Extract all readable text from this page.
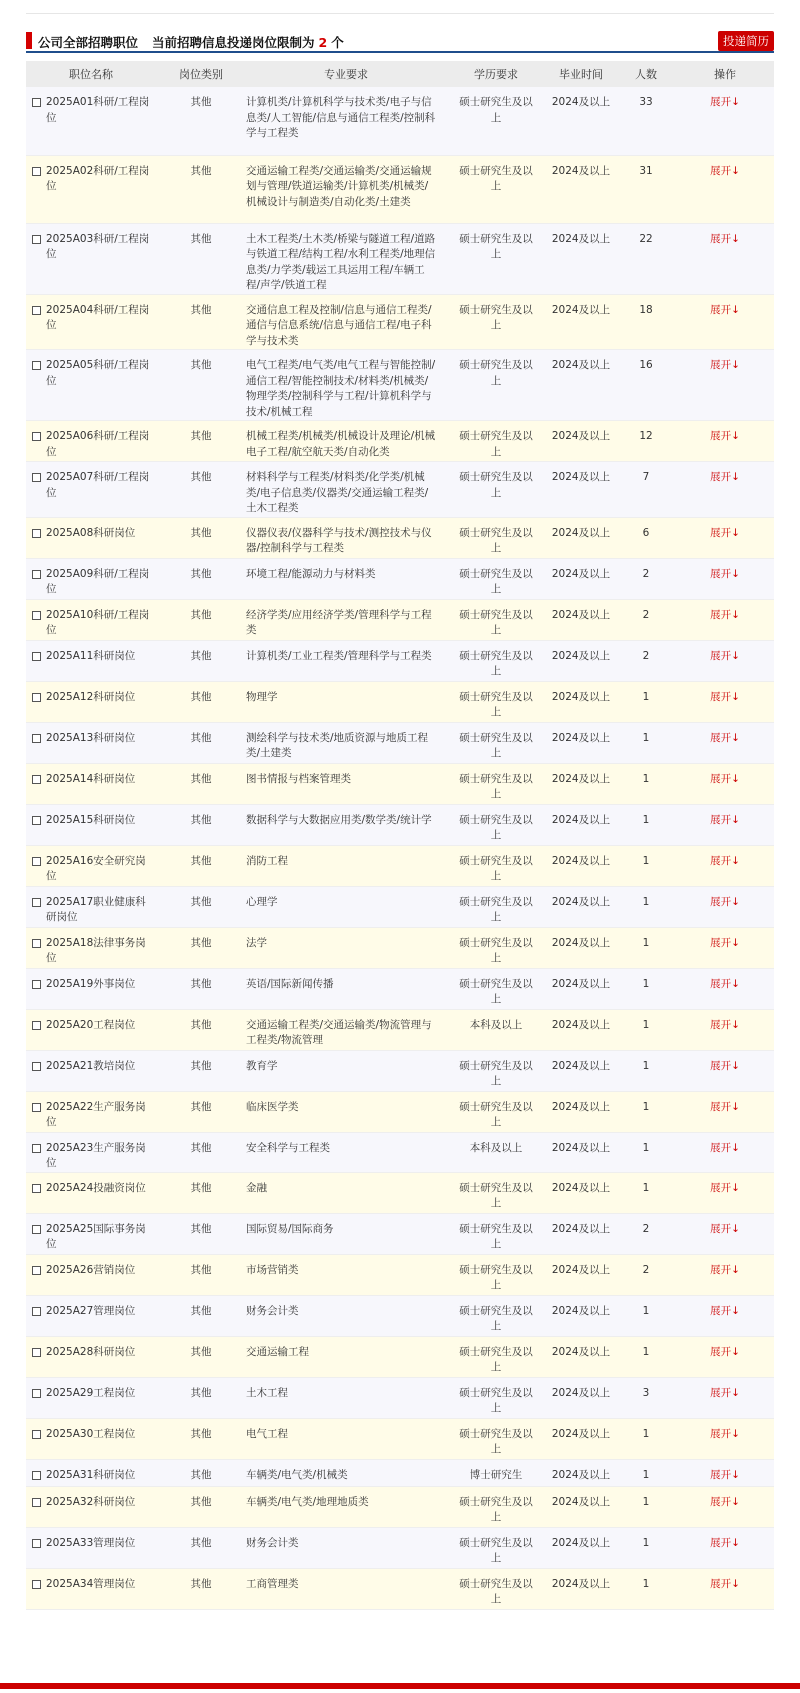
公司全部招聘职位 当前招聘信息投递岗位限制为 2 个	投递简历
职位名称	岗位类别	专业要求	学历要求	毕业时间	人数	操作

2025A01科研/工程岗位	其他	计算机类/计算机科学与技术类/电子与信息类/人工智能/信息与通信工程类/控制科学与工程类	硕士研究生及以上	2024及以上	33	展开↓

2025A02科研/工程岗位	其他	交通运输工程类/交通运输类/交通运输规划与管理/铁道运输类/计算机类/机械类/机械设计与制造类/自动化类/土建类	硕士研究生及以上	2024及以上	31	展开↓

2025A03科研/工程岗位	其他	土木工程类/土木类/桥梁与隧道工程/道路与铁道工程/结构工程/水利工程类/地理信息类/力学类/载运工具运用工程/车辆工程/声学/铁道工程	硕士研究生及以上	2024及以上	22	展开↓

2025A04科研/工程岗位	其他	交通信息工程及控制/信息与通信工程类/通信与信息系统/信息与通信工程/电子科学与技术类	硕士研究生及以上	2024及以上	18	展开↓

2025A05科研/工程岗位	其他	电气工程类/电气类/电气工程与智能控制/通信工程/智能控制技术/材料类/机械类/物理学类/控制科学与工程/计算机科学与技术/机械工程	硕士研究生及以上	2024及以上	16	展开↓

2025A06科研/工程岗位	其他	机械工程类/机械类/机械设计及理论/机械电子工程/航空航天类/自动化类	硕士研究生及以上	2024及以上	12	展开↓

2025A07科研/工程岗位	其他	材料科学与工程类/材料类/化学类/机械类/电子信息类/仪器类/交通运输工程类/土木工程类	硕士研究生及以上	2024及以上	7	展开↓

2025A08科研岗位	其他	仪器仪表/仪器科学与技术/测控技术与仪器/控制科学与工程类	硕士研究生及以上	2024及以上	6	展开↓

2025A09科研/工程岗位	其他	环境工程/能源动力与材料类	硕士研究生及以上	2024及以上	2	展开↓

2025A10科研/工程岗位	其他	经济学类/应用经济学类/管理科学与工程类	硕士研究生及以上	2024及以上	2	展开↓

2025A11科研岗位	其他	计算机类/工业工程类/管理科学与工程类	硕士研究生及以上	2024及以上	2	展开↓

2025A12科研岗位	其他	物理学	硕士研究生及以上	2024及以上	1	展开↓

2025A13科研岗位	其他	测绘科学与技术类/地质资源与地质工程类/土建类	硕士研究生及以上	2024及以上	1	展开↓

2025A14科研岗位	其他	图书情报与档案管理类	硕士研究生及以上	2024及以上	1	展开↓

2025A15科研岗位	其他	数据科学与大数据应用类/数学类/统计学	硕士研究生及以上	2024及以上	1	展开↓

2025A16安全研究岗位	其他	消防工程	硕士研究生及以上	2024及以上	1	展开↓

2025A17职业健康科研岗位	其他	心理学	硕士研究生及以上	2024及以上	1	展开↓

2025A18法律事务岗位	其他	法学	硕士研究生及以上	2024及以上	1	展开↓

2025A19外事岗位	其他	英语/国际新闻传播	硕士研究生及以上	2024及以上	1	展开↓

2025A20工程岗位	其他	交通运输工程类/交通运输类/物流管理与工程类/物流管理	本科及以上	2024及以上	1	展开↓

2025A21教培岗位	其他	教育学	硕士研究生及以上	2024及以上	1	展开↓

2025A22生产服务岗位	其他	临床医学类	硕士研究生及以上	2024及以上	1	展开↓

2025A23生产服务岗位	其他	安全科学与工程类	本科及以上	2024及以上	1	展开↓

2025A24投融资岗位	其他	金融	硕士研究生及以上	2024及以上	1	展开↓

2025A25国际事务岗位	其他	国际贸易/国际商务	硕士研究生及以上	2024及以上	2	展开↓

2025A26营销岗位	其他	市场营销类	硕士研究生及以上	2024及以上	2	展开↓

2025A27管理岗位	其他	财务会计类	硕士研究生及以上	2024及以上	1	展开↓

2025A28科研岗位	其他	交通运输工程	硕士研究生及以上	2024及以上	1	展开↓

2025A29工程岗位	其他	土木工程	硕士研究生及以上	2024及以上	3	展开↓

2025A30工程岗位	其他	电气工程	硕士研究生及以上	2024及以上	1	展开↓

2025A31科研岗位	其他	车辆类/电气类/机械类	博士研究生	2024及以上	1	展开↓

2025A32科研岗位	其他	车辆类/电气类/地理地质类	硕士研究生及以上	2024及以上	1	展开↓

2025A33管理岗位	其他	财务会计类	硕士研究生及以上	2024及以上	1	展开↓

2025A34管理岗位	其他	工商管理类	硕士研究生及以上	2024及以上	1	展开↓
